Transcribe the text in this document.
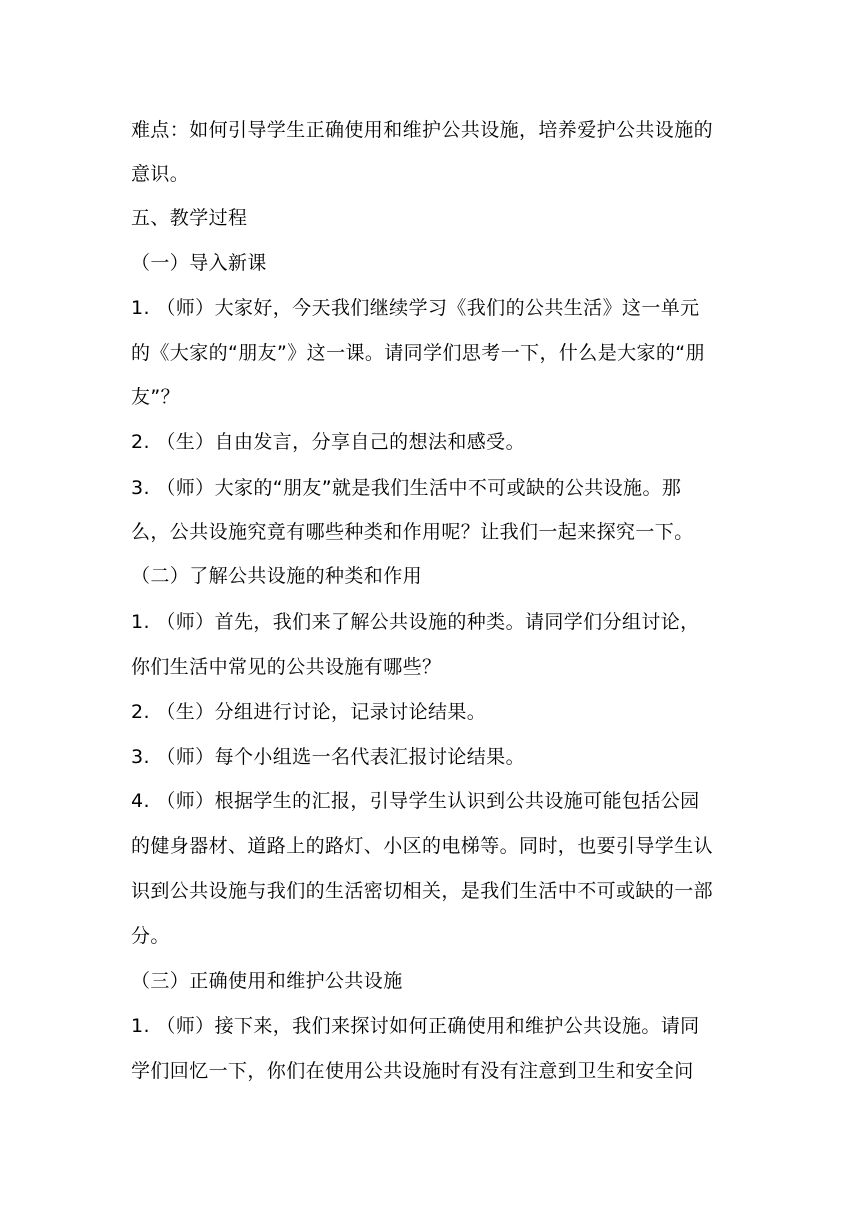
难点：如何引导学生正确使用和维护公共设施，培养爱护公共设施的
意识。
五、教学过程
（一）导入新课
1. （师）大家好，今天我们继续学习《我们的公共生活》这一单元
的《大家的“朋友”》这一课。请同学们思考一下，什么是大家的“朋
友”？
2. （生）自由发言，分享自己的想法和感受。
3. （师）大家的“朋友”就是我们生活中不可或缺的公共设施。那
么，公共设施究竟有哪些种类和作用呢？让我们一起来探究一下。
（二）了解公共设施的种类和作用
1. （师）首先，我们来了解公共设施的种类。请同学们分组讨论，
你们生活中常见的公共设施有哪些？
2. （生）分组进行讨论，记录讨论结果。
3. （师）每个小组选一名代表汇报讨论结果。
4. （师）根据学生的汇报，引导学生认识到公共设施可能包括公园
的健身器材、道路上的路灯、小区的电梯等。同时，也要引导学生认
识到公共设施与我们的生活密切相关，是我们生活中不可或缺的一部
分。
（三）正确使用和维护公共设施
1. （师）接下来，我们来探讨如何正确使用和维护公共设施。请同
学们回忆一下，你们在使用公共设施时有没有注意到卫生和安全问
